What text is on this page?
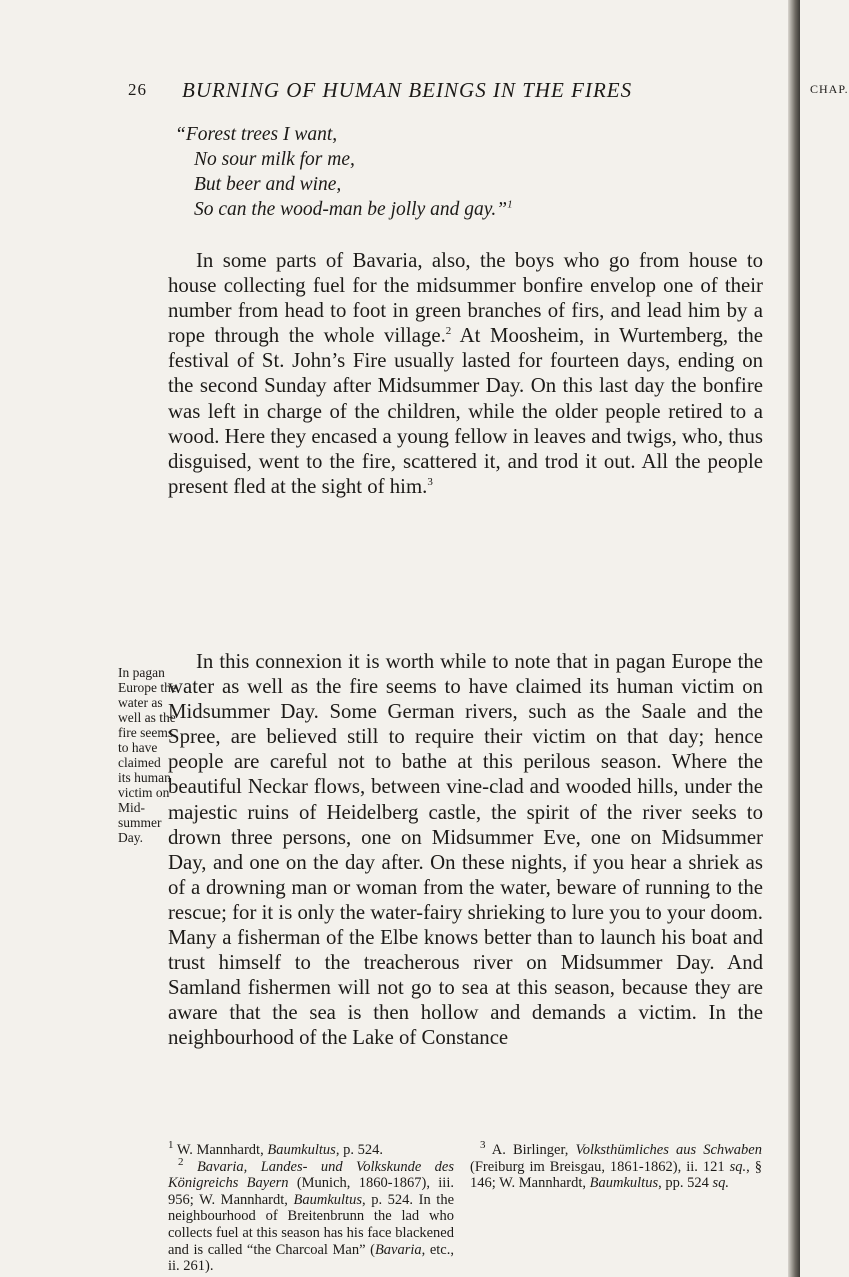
26 BURNING OF HUMAN BEINGS IN THE FIRES	CHAP.
“Forest trees I want,
No sour milk for me,
But beer and wine,
So can the wood-man be jolly and gay.”$^1$

In some parts of Bavaria, also, the boys who go from house to house collecting fuel for the midsummer bonfire envelop one of their number from head to foot in green branches of firs, and lead him by a rope through the whole village.$^2$ At Moosheim, in Wurtemberg, the festival of St. John’s Fire usually lasted for fourteen days, ending on the second Sunday after Midsummer Day. On this last day the bonfire was left in charge of the children, while the older people retired to a wood. Here they encased a young fellow in leaves and twigs, who, thus disguised, went to the fire, scattered it, and trod it out. All the people present fled at the sight of him.$^3$

In pagan
Europe the
water as
well as the
fire seems
to have
claimed
its human
victim on
Mid-
summer
Day.

In this connexion it is worth while to note that in pagan Europe the water as well as the fire seems to have claimed its human victim on Midsummer Day. Some German rivers, such as the Saale and the Spree, are believed still to require their victim on that day; hence people are careful not to bathe at this perilous season. Where the beautiful Neckar flows, between vine-clad and wooded hills, under the majestic ruins of Heidelberg castle, the spirit of the river seeks to drown three persons, one on Midsummer Eve, one on Midsummer Day, and one on the day after. On these nights, if you hear a shriek as of a drowning man or woman from the water, beware of running to the rescue; for it is only the water-fairy shrieking to lure you to your doom. Many a fisherman of the Elbe knows better than to launch his boat and trust himself to the treacherous river on Midsummer Day. And Samland fishermen will not go to sea at this season, because they are aware that the sea is then hollow and demands a victim. In the neighbourhood of the Lake of Constance

$^1$ W. Mannhardt, Baumkultus, p. 524.

$^2$ Bavaria, Landes- und Volkskunde des Königreichs Bayern (Munich, 1860-1867), iii. 956; W. Mannhardt, Baumkultus, p. 524. In the neighbourhood of Breitenbrunn the lad who collects fuel at this season has his face blackened and is called “the Charcoal Man” (Bavaria, etc., ii. 261).

$^3$ A. Birlinger, Volksthümliches aus Schwaben (Freiburg im Breisgau, 1861-1862), ii. 121 sq., § 146; W. Mannhardt, Baumkultus, pp. 524 sq.
